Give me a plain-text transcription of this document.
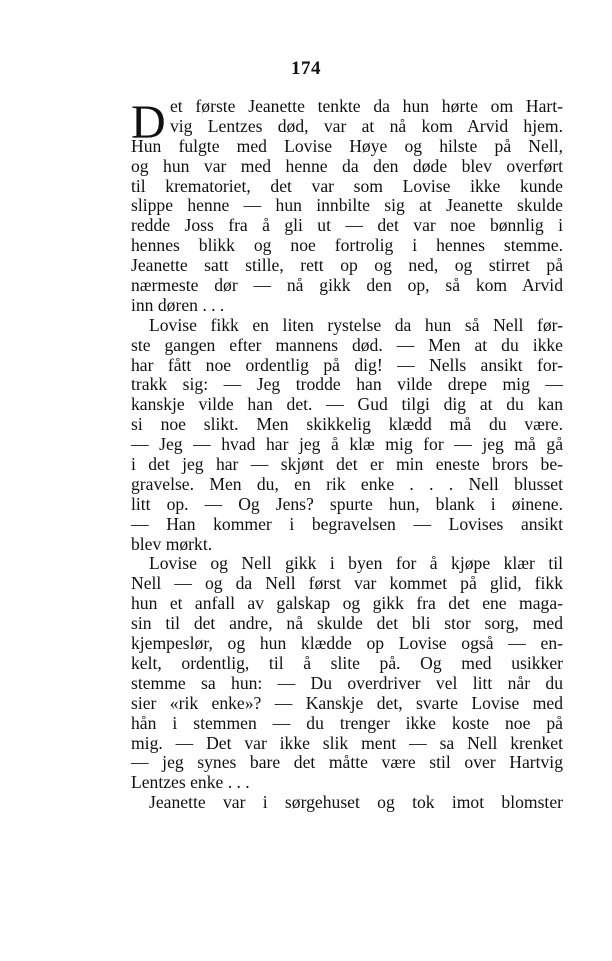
174
D et første Jeanette tenkte da hun hørte om Hart-
vig Lentzes død, var at nå kom Arvid hjem.
Hun fulgte med Lovise Høye og hilste på Nell,
og hun var med henne da den døde blev overført
til krematoriet, det var som Lovise ikke kunde
slippe henne — hun innbilte sig at Jeanette skulde
redde Joss fra å gli ut — det var noe bønnlig i
hennes blikk og noe fortrolig i hennes stemme.
Jeanette satt stille, rett op og ned, og stirret på
nærmeste dør — nå gikk den op, så kom Arvid
inn døren . . .
Lovise fikk en liten rystelse da hun så Nell før-
ste gangen efter mannens død. — Men at du ikke
har fått noe ordentlig på dig! — Nells ansikt for-
trakk sig: — Jeg trodde han vilde drepe mig —
kanskje vilde han det. — Gud tilgi dig at du kan
si noe slikt. Men skikkelig klædd må du være.
— Jeg — hvad har jeg å klæ mig for — jeg må gå
i det jeg har — skjønt det er min eneste brors be-
gravelse. Men du, en rik enke . . . Nell blusset
litt op. — Og Jens? spurte hun, blank i øinene.
— Han kommer i begravelsen — Lovises ansikt
blev mørkt.
Lovise og Nell gikk i byen for å kjøpe klær til
Nell — og da Nell først var kommet på glid, fikk
hun et anfall av galskap og gikk fra det ene maga-
sin til det andre, nå skulde det bli stor sorg, med
kjempeslør, og hun klædde op Lovise også — en-
kelt, ordentlig, til å slite på. Og med usikker
stemme sa hun: — Du overdriver vel litt når du
sier «rik enke»? — Kanskje det, svarte Lovise med
hån i stemmen — du trenger ikke koste noe på
mig. — Det var ikke slik ment — sa Nell krenket
— jeg synes bare det måtte være stil over Hartvig
Lentzes enke . . .
Jeanette var i sørgehuset og tok imot blomster
